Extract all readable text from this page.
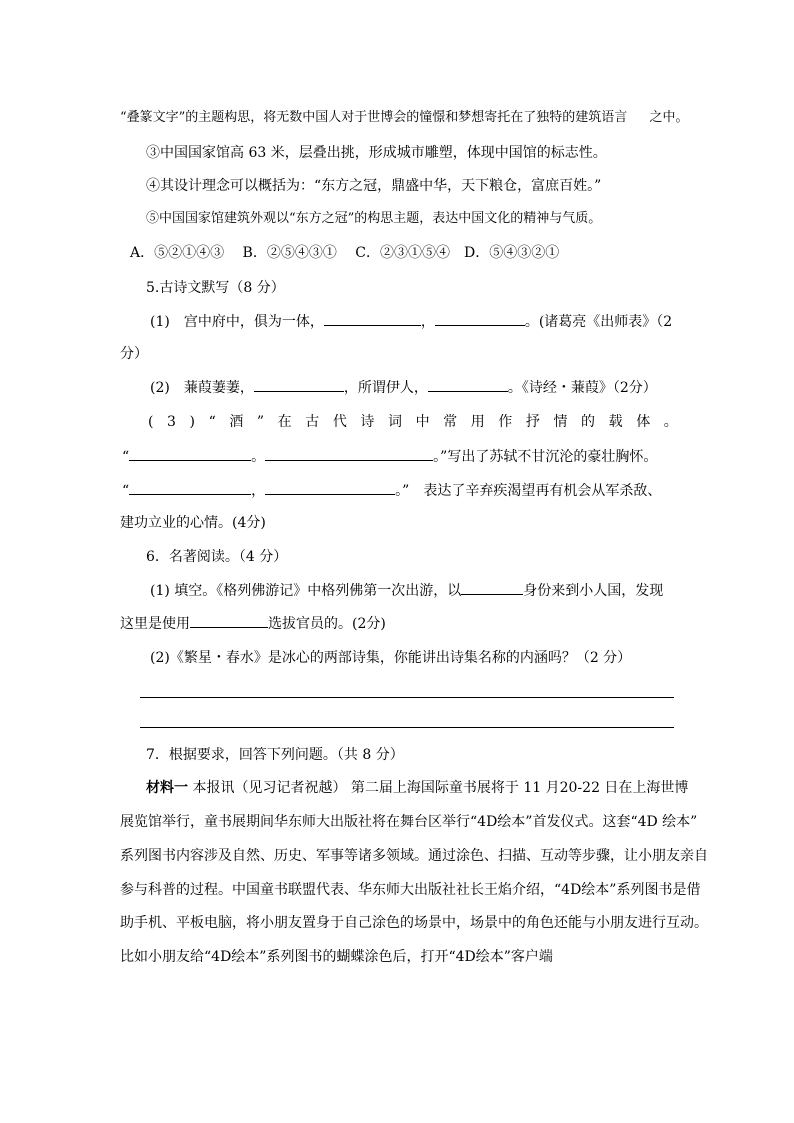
“叠篆文字”的主题构思，将无数中国人对于世博会的憧憬和梦想寄托在了独特的建筑语言 之中。
③中国国家馆高 63 米，层叠出挑，形成城市雕塑，体现中国馆的标志性。
④其设计理念可以概括为：“东方之冠，鼎盛中华，天下粮仓，富庶百姓。”
⑤中国国家馆建筑外观以“东方之冠”的构思主题，表达中国文化的精神与气质。
A．⑤②①④③　 B．②⑤④③①　 C．②③①⑤④　D．⑤④③②①
5.古诗文默写（8 分）
(1)　宫中府中，俱为一体，	，	。(诸葛亮《出师表》（2
分）
(2)　蒹葭萋萋，	，所谓伊人，	。《诗经・蒹葭》（2分）
( 3 ) “ 酒 ” 在 古 代 诗 词 中 常 用 作 抒 情 的 载 体 。
“	。	。”写出了苏轼不甘沉沦的豪壮胸怀。
“	，	。”　表达了辛弃疾渴望再有机会从军杀敌、
建功立业的心情。(4分)
6．名著阅读。（4 分）
(1) 填空。《格列佛游记》中格列佛第一次出游，以	身份来到小人国，发现
这里是使用	选拔官员的。(2分)
(2)《繁星・春水》是冰心的两部诗集，你能讲出诗集名称的内涵吗？（2 分）
7．根据要求，回答下列问题。（共 8 分）
材料一 本报讯（见习记者祝越） 第二届上海国际童书展将于 11 月20-22 日在上海世博
展览馆举行，童书展期间华东师大出版社将在舞台区举行“4D绘本”首发仪式。这套“4D 绘本”
系列图书内容涉及自然、历史、军事等诸多领域。通过涂色、扫描、互动等步骤，让小朋友亲自
参与科普的过程。中国童书联盟代表、华东师大出版社社长王焰介绍，“4D绘本”系列图书是借
助手机、平板电脑，将小朋友置身于自己涂色的场景中，场景中的角色还能与小朋友进行互动。
比如小朋友给“4D绘本”系列图书的蝴蝶涂色后，打开“4D绘本”客户端
